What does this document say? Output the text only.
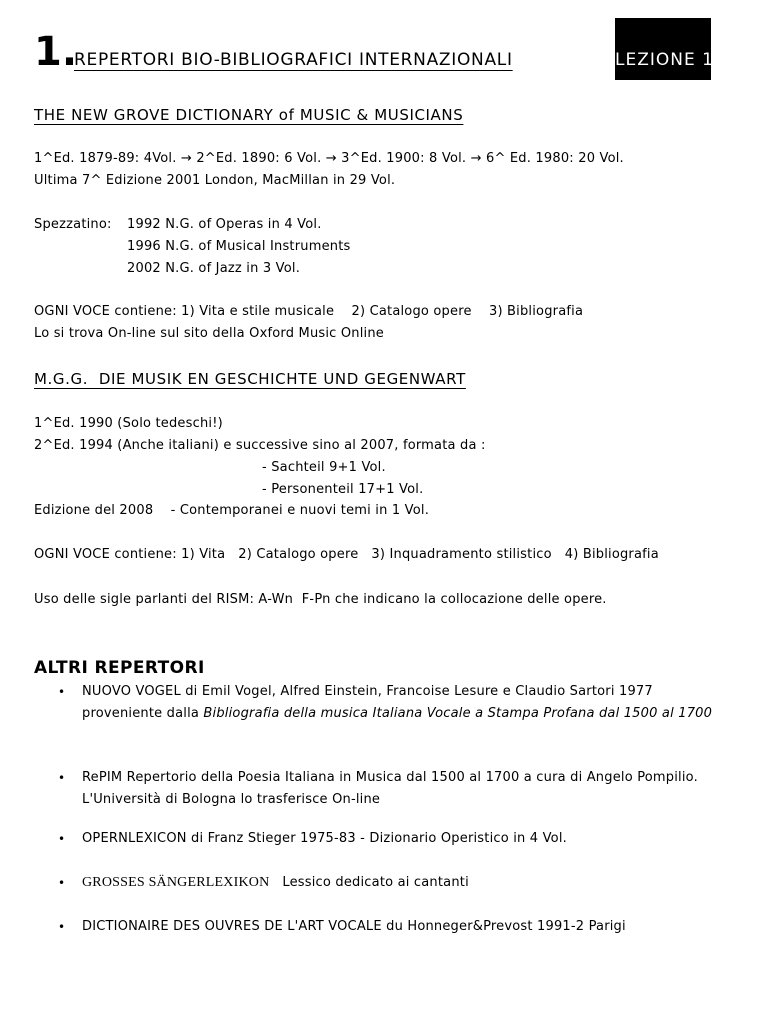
1.
REPERTORI BIO-BIBLIOGRAFICI INTERNAZIONALI	LEZIONE 1
THE NEW GROVE DICTIONARY of MUSIC & MUSICIANS
1^Ed. 1879-89: 4Vol. → 2^Ed. 1890: 6 Vol. → 3^Ed. 1900: 8 Vol. → 6^ Ed. 1980: 20 Vol.
Ultima 7^ Edizione 2001 London, MacMillan in 29 Vol.
Spezzatino: 1992 N.G. of Operas in 4 Vol.
1996 N.G. of Musical Instruments
2002 N.G. of Jazz in 3 Vol.
OGNI VOCE contiene: 1) Vita e stile musicale    2) Catalogo opere    3) Bibliografia
Lo si trova On-line sul sito della Oxford Music Online
M.G.G.  DIE MUSIK EN GESCHICHTE UND GEGENWART
1^Ed. 1990 (Solo tedeschi!)
2^Ed. 1994 (Anche italiani) e successive sino al 2007, formata da :
- Sachteil 9+1 Vol.
- Personenteil 17+1 Vol.
Edizione del 2008    - Contemporanei e nuovi temi in 1 Vol.
OGNI VOCE contiene: 1) Vita   2) Catalogo opere   3) Inquadramento stilistico   4) Bibliografia
Uso delle sigle parlanti del RISM: A-Wn  F-Pn che indicano la collocazione delle opere.
ALTRI REPERTORI
• NUOVO VOGEL di Emil Vogel, Alfred Einstein, Francoise Lesure e Claudio Sartori 1977 proveniente dalla Bibliografia della musica Italiana Vocale a Stampa Profana dal 1500 al 1700
• RePIM Repertorio della Poesia Italiana in Musica dal 1500 al 1700 a cura di Angelo Pompilio. L'Università di Bologna lo trasferisce On-line
• OPERNLEXICON di Franz Stieger 1975-83 - Dizionario Operistico in 4 Vol.
• GROSSES SÄNGERLEXIKON Lessico dedicato ai cantanti
• DICTIONAIRE DES OUVRES DE L'ART VOCALE du Honneger&Prevost 1991-2 Parigi
